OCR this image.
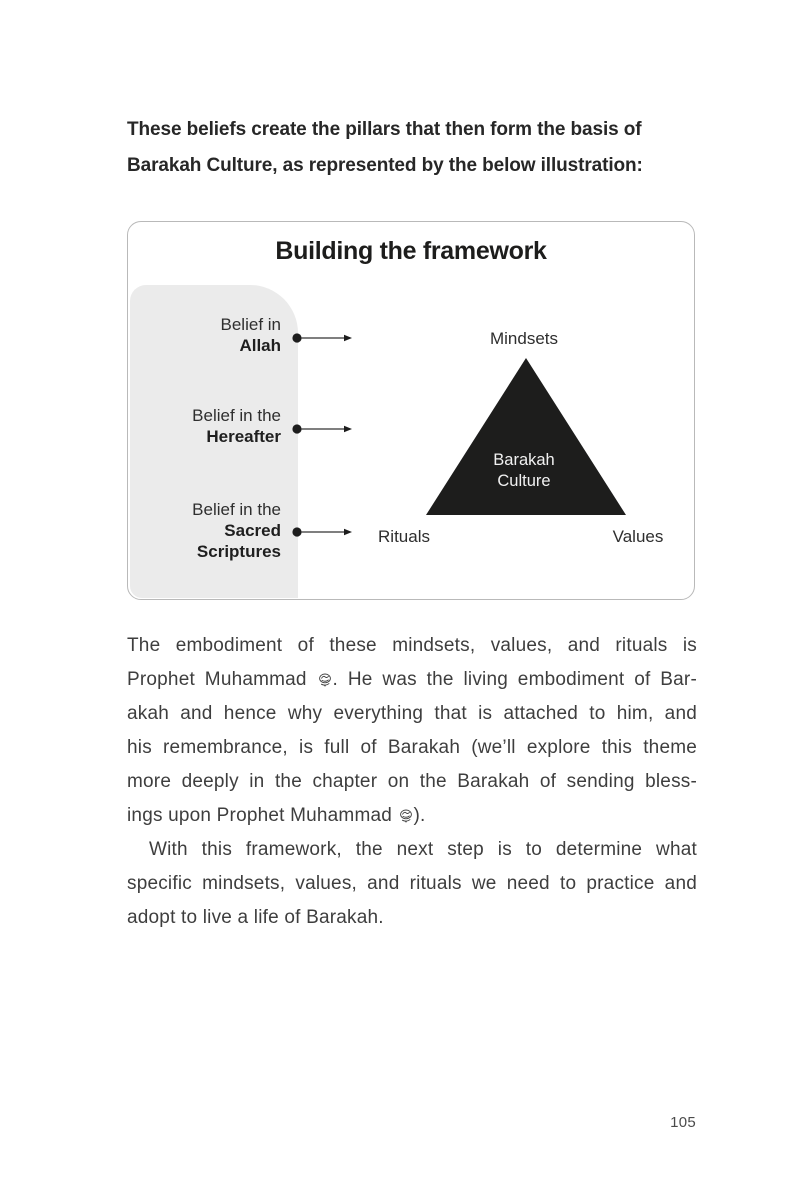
These beliefs create the pillars that then form the basis of
Barakah Culture, as represented by the below illustration:
Building the framework
Belief in
Allah
Belief in the
Hereafter
Belief in the
Sacred Scriptures
Mindsets
Barakah Culture
Rituals	Values
The embodiment of these mindsets, values, and rituals is
Prophet Muhammad . He was the living embodiment of Bar-
akah and hence why everything that is attached to him, and
his remembrance, is full of Barakah (we’ll explore this theme
more deeply in the chapter on the Barakah of sending bless-
ings upon Prophet Muhammad ).
With this framework, the next step is to determine what
specific mindsets, values, and rituals we need to practice and
adopt to live a life of Barakah.
105
